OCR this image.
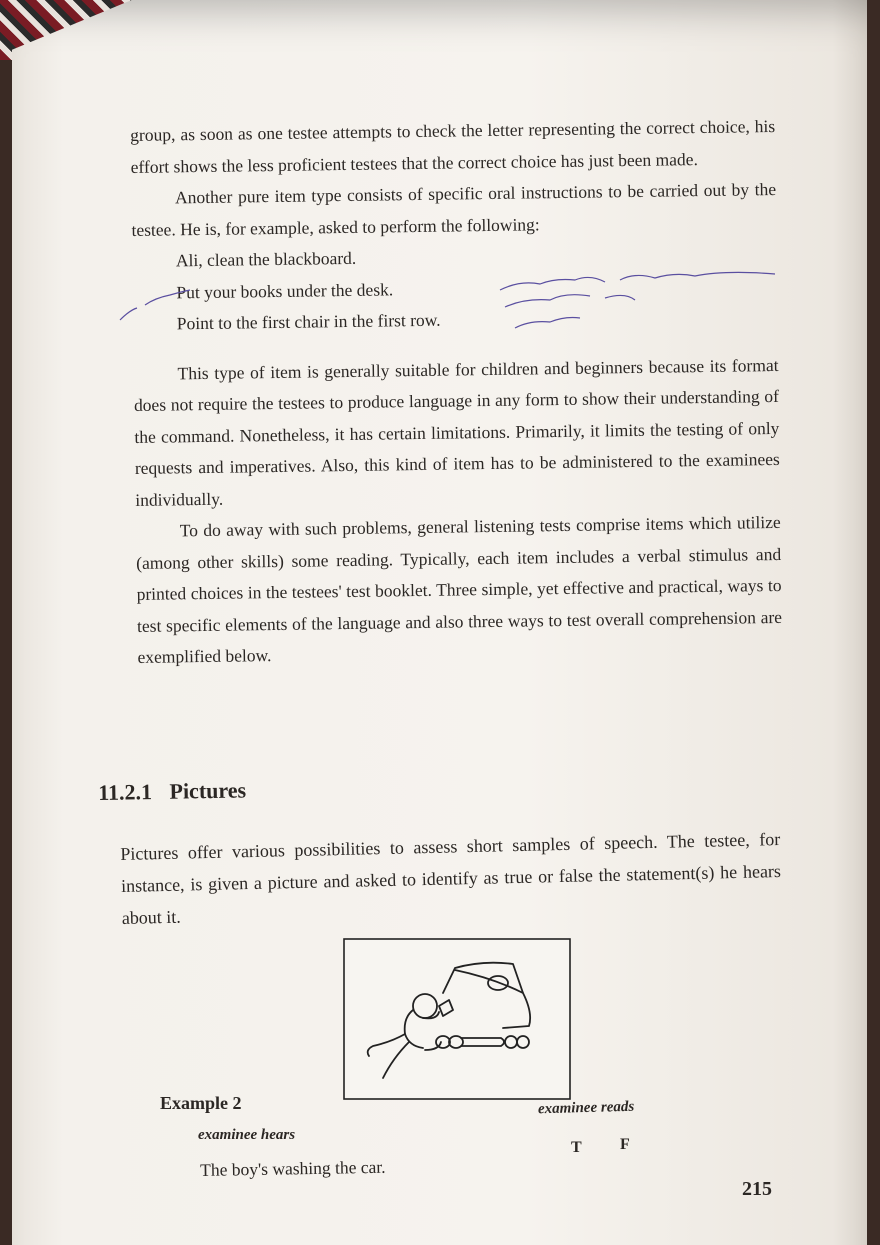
group, as soon as one testee attempts to check the letter representing the correct choice, his effort shows the less proficient testees that the correct choice has just been made.

Another pure item type consists of specific oral instructions to be carried out by the testee. He is, for example, asked to perform the following:

Ali, clean the blackboard.

Put your books under the desk.

Point to the first chair in the first row.

This type of item is generally suitable for children and beginners because its format does not require the testees to produce language in any form to show their understanding of the command. Nonetheless, it has certain limitations. Primarily, it limits the testing of only requests and imperatives. Also, this kind of item has to be administered to the examinees individually.

To do away with such problems, general listening tests comprise items which utilize (among other skills) some reading. Typically, each item includes a verbal stimulus and printed choices in the testees' test booklet. Three simple, yet effective and practical, ways to test specific elements of the language and also three ways to test overall comprehension are exemplified below.

11.2.1 Pictures

Pictures offer various possibilities to assess short samples of speech. The testee, for instance, is given a picture and asked to identify as true or false the statement(s) he hears about it.

Example 2
examinee hears
examinee reads
The boy's washing the car.
T F
215
